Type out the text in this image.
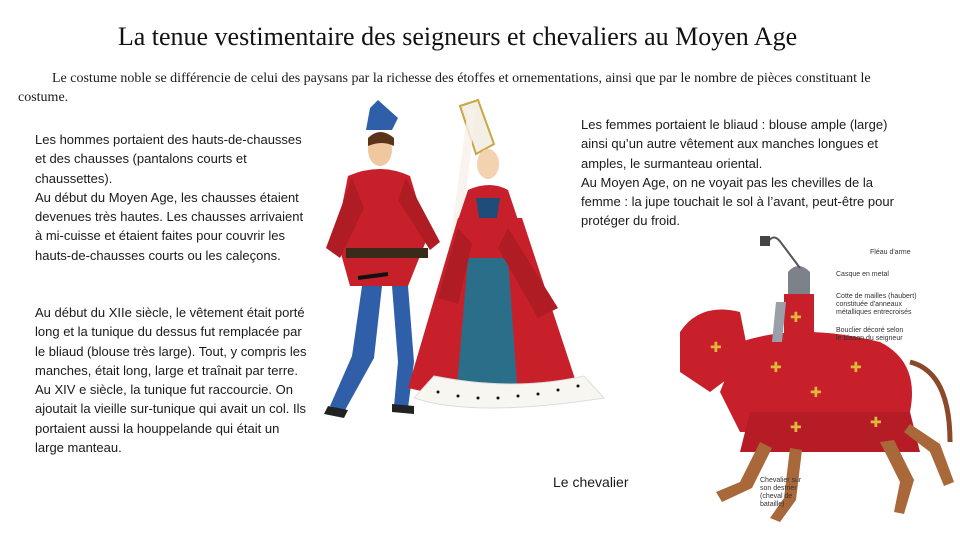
La tenue vestimentaire des seigneurs et chevaliers au Moyen Age

Le costume noble se différencie de celui des paysans par la richesse des étoffes et ornementations, ainsi que par le nombre de pièces constituant le costume.

Les hommes portaient des hauts-de-chausses et des chausses (pantalons courts et chaussettes).
Au début du Moyen Age, les chausses étaient devenues très hautes. Les chausses arrivaient à mi-cuisse et étaient faites pour couvrir les hauts-de-chausses courts ou les caleçons.

Au début du XIIe siècle, le vêtement était porté long et la tunique du dessus fut remplacée par le bliaud (blouse très large). Tout, y compris les manches, était long, large et traînait par terre.
Au XIV e siècle, la tunique fut raccourcie. On ajoutait la vieille sur-tunique qui avait un col. Ils portaient aussi la houppelande qui était un large manteau.

Les femmes portaient le bliaud : blouse ample (large) ainsi qu’un autre vêtement aux manches longues et amples, le surmanteau oriental.
Au Moyen Age, on ne voyait pas les chevilles de la femme : la jupe touchait le sol à l’avant, peut-être pour protéger du froid.

Le chevalier

✚
✚
✚
✚
✚	✚
✚
Fléau d'arme
Casque en metal
Cotte de mailles (haubert)
constituée d'anneaux
métalliques entrecroisés
Bouclier décoré selon
le blason du seigneur
Chevalier sur
son destrier
(cheval de
bataille)
